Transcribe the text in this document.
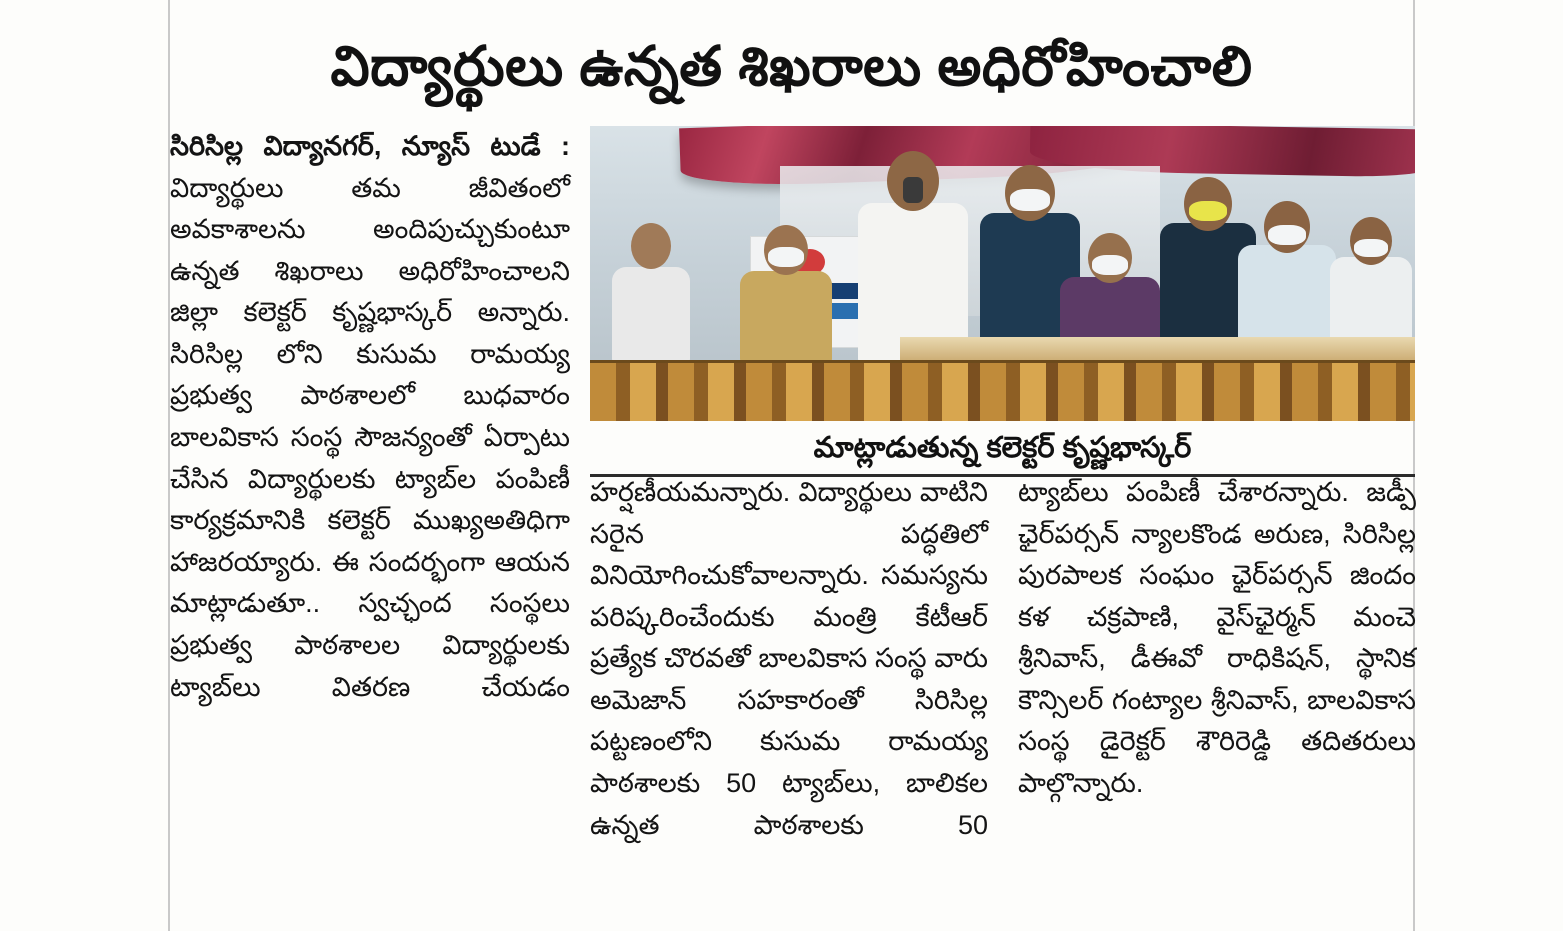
విద్యార్థులు ఉన్నత శిఖరాలు అధిరోహించాలి

సిరిసిల్ల విద్యానగర్, న్యూస్ టుడే : విద్యార్థులు తమ జీవితంలో అవకాశాలను అందిపుచ్చుకుంటూ ఉన్నత శిఖరాలు అధిరోహించాలని జిల్లా కలెక్టర్ కృష్ణభాస్కర్ అన్నారు. సిరిసిల్ల లోని కుసుమ రామయ్య ప్రభుత్వ పాఠశాలలో బుధవారం బాలవికాస సంస్థ సౌజన్యంతో ఏర్పాటు చేసిన విద్యార్థులకు ట్యాబ్‌ల పంపిణీ కార్యక్రమానికి కలెక్టర్ ముఖ్యఅతిధిగా హాజరయ్యారు. ఈ సందర్భంగా ఆయన మాట్లాడుతూ.. స్వచ్ఛంద సంస్థలు ప్రభుత్వ పాఠశాలల విద్యార్థులకు ట్యాబ్‌లు వితరణ చేయడం

మాట్లాడుతున్న కలెక్టర్ కృష్ణభాస్కర్

హర్షణీయమన్నారు. విద్యార్థులు వాటిని సరైన పద్ధతిలో వినియోగించుకోవాలన్నారు. సమస్యను పరిష్కరించేందుకు మంత్రి కేటీఆర్ ప్రత్యేక చొరవతో బాలవికాస సంస్థ వారు అమెజాన్ సహకారంతో సిరిసిల్ల పట్టణంలోని కుసుమ రామయ్య పాఠశాలకు 50 ట్యాబ్‌లు, బాలికల ఉన్నత పాఠశాలకు 50

ట్యాబ్‌లు పంపిణీ చేశారన్నారు. జడ్పీ ఛైర్‌పర్సన్ న్యాలకొండ అరుణ, సిరిసిల్ల పురపాలక సంఘం ఛైర్‌పర్సన్ జిందం కళ చక్రపాణి, వైస్‌ఛైర్మన్ మంచె శ్రీనివాస్, డీఈవో రాధికిషన్, స్థానిక కౌన్సిలర్ గంట్యాల శ్రీనివాస్, బాలవికాస సంస్థ డైరెక్టర్ శౌరిరెడ్డి తదితరులు పాల్గొన్నారు.
